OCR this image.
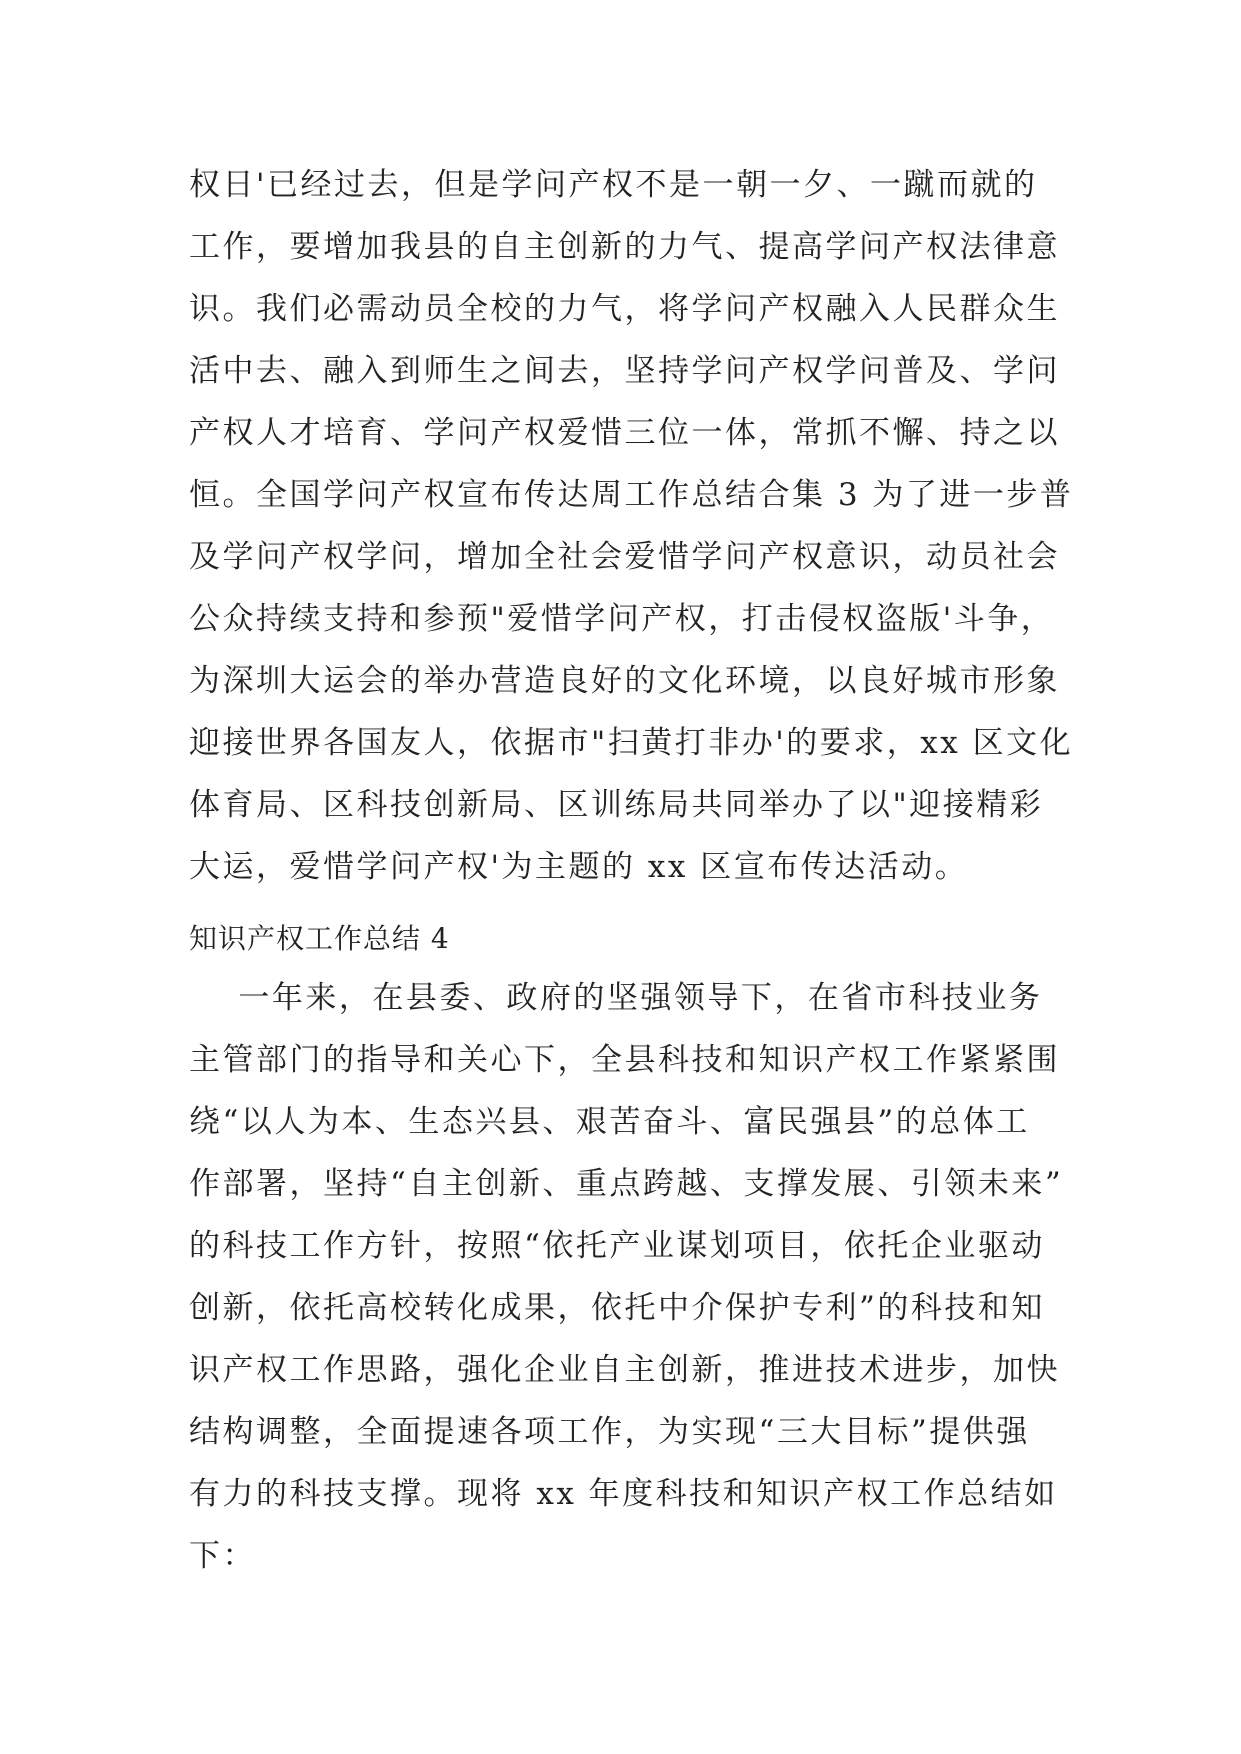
权日'已经过去，但是学问产权不是一朝一夕、一蹴而就的
工作，要增加我县的自主创新的力气、提高学问产权法律意
识。我们必需动员全校的力气，将学问产权融入人民群众生
活中去、融入到师生之间去，坚持学问产权学问普及、学问
产权人才培育、学问产权爱惜三位一体，常抓不懈、持之以
恒。全国学问产权宣布传达周工作总结合集 3 为了进一步普
及学问产权学问，增加全社会爱惜学问产权意识，动员社会
公众持续支持和参预"爱惜学问产权，打击侵权盗版'斗争，
为深圳大运会的举办营造良好的文化环境，以良好城市形象
迎接世界各国友人，依据市"扫黄打非办'的要求，xx 区文化
体育局、区科技创新局、区训练局共同举办了以"迎接精彩
大运，爱惜学问产权'为主题的 xx 区宣布传达活动。
知识产权工作总结 4
一年来，在县委、政府的坚强领导下，在省市科技业务
主管部门的指导和关心下，全县科技和知识产权工作紧紧围
绕“以人为本、生态兴县、艰苦奋斗、富民强县”的总体工
作部署，坚持“自主创新、重点跨越、支撑发展、引领未来”
的科技工作方针，按照“依托产业谋划项目，依托企业驱动
创新，依托高校转化成果，依托中介保护专利”的科技和知
识产权工作思路，强化企业自主创新，推进技术进步，加快
结构调整，全面提速各项工作，为实现“三大目标”提供强
有力的科技支撑。现将 xx 年度科技和知识产权工作总结如
下：
